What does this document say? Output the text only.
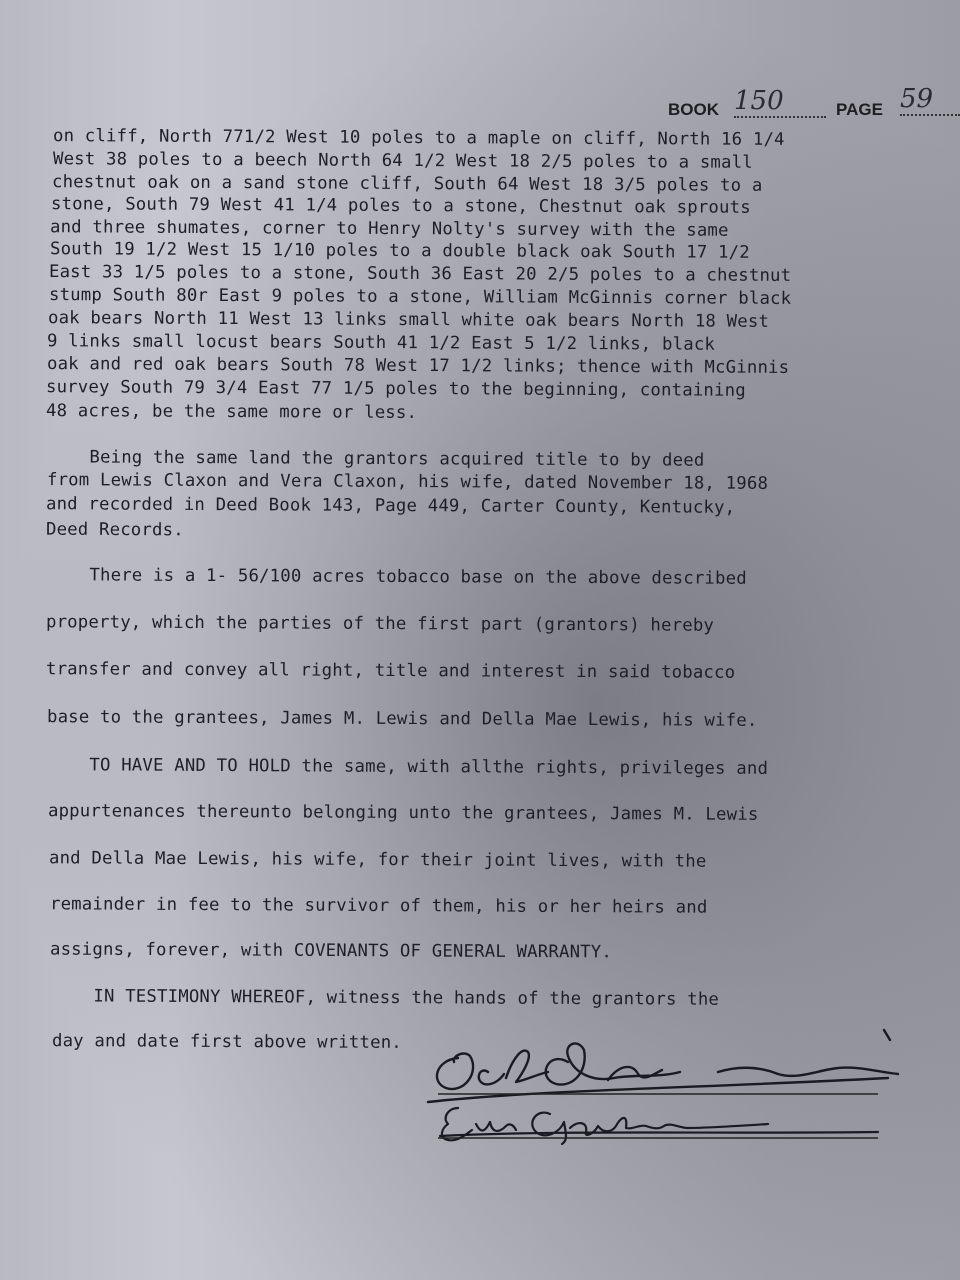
BOOK 150	PAGE 59
on cliff, North 771/2 West 10 poles to a maple on cliff, North 16 1/4
West 38 poles to a beech North 64 1/2 West 18 2/5 poles to a small
chestnut oak on a sand stone cliff, South 64 West 18 3/5 poles to a
stone, South 79 West 41 1/4 poles to a stone, Chestnut oak sprouts
and three shumates, corner to Henry Nolty's survey with the same
South 19 1/2 West 15 1/10 poles to a double black oak South 17 1/2
East 33 1/5 poles to a stone, South 36 East 20 2/5 poles to a chestnut
stump South 80r East 9 poles to a stone, William McGinnis corner black
oak bears North 11 West 13 links small white oak bears North 18 West
9 links small locust bears South 41 1/2 East 5 1/2 links, black
oak and red oak bears South 78 West 17 1/2 links; thence with McGinnis
survey South 79 3/4 East 77 1/5 poles to the beginning, containing
48 acres, be the same more or less.
Being the same land the grantors acquired title to by deed
from Lewis Claxon and Vera Claxon, his wife, dated November 18, 1968
and recorded in Deed Book 143, Page 449, Carter County, Kentucky,
Deed Records.
There is a 1- 56/100 acres tobacco base on the above described
property, which the parties of the first part (grantors) hereby
transfer and convey all right, title and interest in said tobacco
base to the grantees, James M. Lewis and Della Mae Lewis, his wife.
TO HAVE AND TO HOLD the same, with allthe rights, privileges and
appurtenances thereunto belonging unto the grantees, James M. Lewis
and Della Mae Lewis, his wife, for their joint lives, with the
remainder in fee to the survivor of them, his or her heirs and
assigns, forever, with COVENANTS OF GENERAL WARRANTY.
IN TESTIMONY WHEREOF, witness the hands of the grantors the
day and date first above written.
